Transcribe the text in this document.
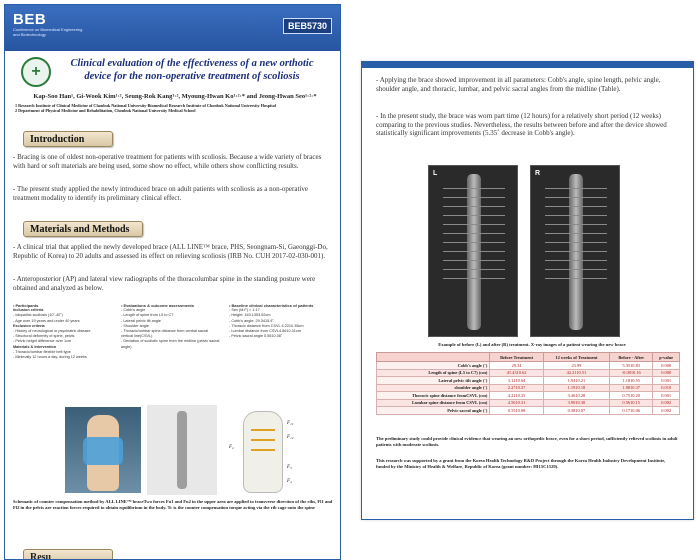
BEB
Conference on Biomedical Engineering and Biotechnology
BEB5730
+	Clinical evaluation of the effectiveness of a new orthotic device for the non-operative treatment of scoliosis
Kap-Soo Han¹, Gi-Wook Kim¹·², Seung-Rok Kang¹·², Myoung-Hwan Ko¹·²·* and Jeong-Hwan Seo¹·²·*
1 Research Institute of Clinical Medicine of Chonbuk National University-Biomedical Research Institute of Chonbuk National University Hospital
2 Department of Physical Medicine and Rehabilitation, Chonbuk National University Medical School
Introduction
- Bracing is one of oldest non-operative treatment for patients with scoliosis. Because a wide variety of braces with hard or soft materials are being used, some show no effect, while others show conflicting results.
- The present study applied the newly introduced brace on adult patients with scoliosis as a non-operative treatment modality to identify its preliminary clinical effect.
Materials and Methods
- A clinical trial that applied the newly developed brace (ALL LINE™ brace, PHS, Seongnam-Si, Gaeonggi-Do, Republic of Korea) to 20 adults and assessed its effect on relieving scoliosis (IRB No. CUH 2017-02-030-001).
- Anteroposterior (AP) and lateral view radiographs of the thoracolumbar spine in the standing posture were obtained and analyzed as below.
• Participants
Inclusion criteria
- Idiopathic scoliosis (10˚-40˚)
- Age over 19 years and under 40 years
Exclusion criteria
- History of neurological or psychiatric disease
- Structural deformity of spine, pelvis
- Pelvic height difference over 1cm
Materials & Intervention
- Thoracic/lumbar flexible belt type
- Minimally 12 hours a day, during 12 weeks
• Evaluations & outcome assessments
- Cobb's angle
- Length of spine from L5 to C7
- Lateral pelvic tilt angle
- Shoulder angle
- Thoracic/lumbar spine distance from central sacral vertical line(CSVL)
- Deviation of scoliotic spine from the midline (pelvic sacral angle)
• Baseline clinical characteristics of patients
- Sex (M:F) = 1:17
- Height: 163.1353.92cm
- Cobb's angle: 29.3415.9˚
- Thoracic distance from CSVL 4.2210.35cm
- Lumbar distance from CSVL4.5610.31cm
- Pelvic sacral angle 0.5510.08˚
F₁₁
F₁₂
F₂
F₃
F₄
Schematic of counter compensation method by ALL LINE™ braceTwo forces Fu1 and Fu2 in the upper area are applied to transverse direction of the ribs, Fl1 and Fl2 in the pelvis are reaction forces required to obtain equilibrium in the body. Tc is the counter compensation torque acting via the rib cage onto the spine
Resu
- Applying the brace showed improvement in all parameters: Cobb's angle, spine length, pelvic angle, shoulder angle, and thoracic, lumbar, and pelvic sacral angles from the midline (Table).
- In the present study, the brace was worn part time (12 hours) for a relatively short period (12 weeks) comparing to the previous studies. Nevertheless, the results between before and after the device showed statistically significant improvements (5.35˚ decrease in Cobb's angle).
L	R
Example of before (L) and after (R) treatment. X-ray images of a patient wearing the new brace
	Before Treatment	12 weeks of Treatment	Before - After	p-value
Cobb's angle (˚)	29.34	23.99	5.3510.83	0.000
Length of spine (L5 to C7) (cm)	41.4310.62	42.2110.51	-0.0810.16	0.000
Lateral pelvic tilt angle (˚)	3.1210.64	1.9410.21	1.1810.55	0.001
shoulder angle (˚)	2.2710.37	1.1910.18	1.0810.37	0.010
Thoracic spine distance fromCSVL (cm)	4.2210.35	3.4610.28	0.7510.20	0.001
Lumbar spine distance from CSVL (cm)	4.5610.31	3.9010.30	0.5610.15	0.002
Pelvic sacral angle (˚)	0.5510.08	0.3810.07	0.1710.06	0.002
The preliminary study could provide clinical evidence that wearing an new orthopedic brace, even for a short period, sufficiently relieved scoliosis in adult patients with moderate scoliosis.
This research was supported by a grant from the Korea Health Technology R&D Project through the Korea Health Industry Development Institute, funded by the Ministry of Health & Welfare, Republic of Korea (grant number: HI15C1529).
